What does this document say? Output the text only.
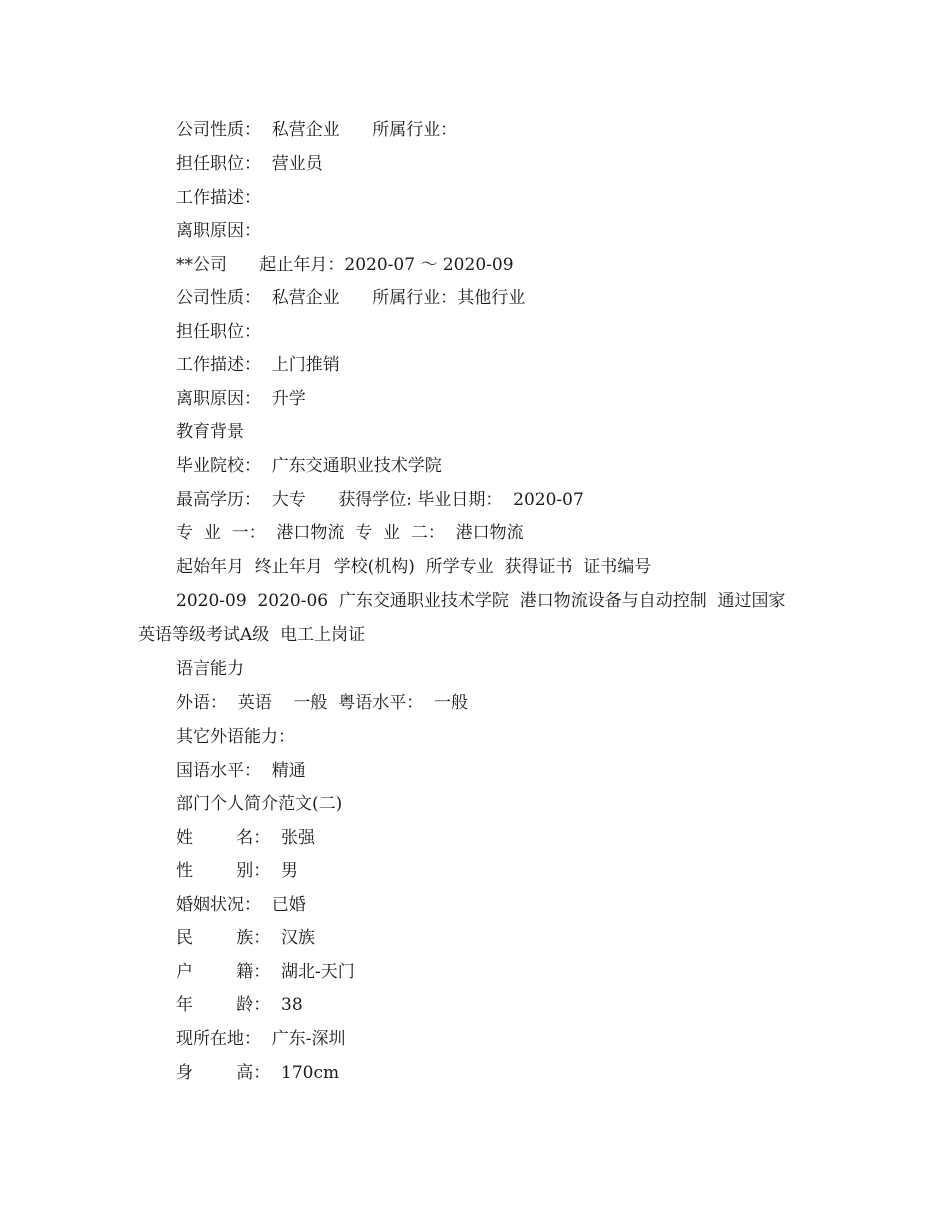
公司性质：  私营企业      所属行业：
担任职位：  营业员
工作描述：
离职原因：
**公司      起止年月：2020-07 ～ 2020-09
公司性质：  私营企业      所属行业：其他行业
担任职位：
工作描述：  上门推销
离职原因：  升学
教育背景
毕业院校：  广东交通职业技术学院
最高学历：  大专      获得学位: 毕业日期：  2020-07
专  业  一：  港口物流  专  业  二：  港口物流
起始年月  终止年月  学校(机构)  所学专业  获得证书  证书编号
2020-09  2020-06  广东交通职业技术学院  港口物流设备与自动控制  通过国家
英语等级考试A级  电工上岗证
语言能力
外语：  英语    一般  粤语水平：  一般
其它外语能力：
国语水平：  精通
部门个人简介范文(二)
姓        名：  张强
性        别：  男
婚姻状况：  已婚
民        族：  汉族
户        籍：  湖北-天门
年        龄：  38
现所在地：  广东-深圳
身        高：  170cm
